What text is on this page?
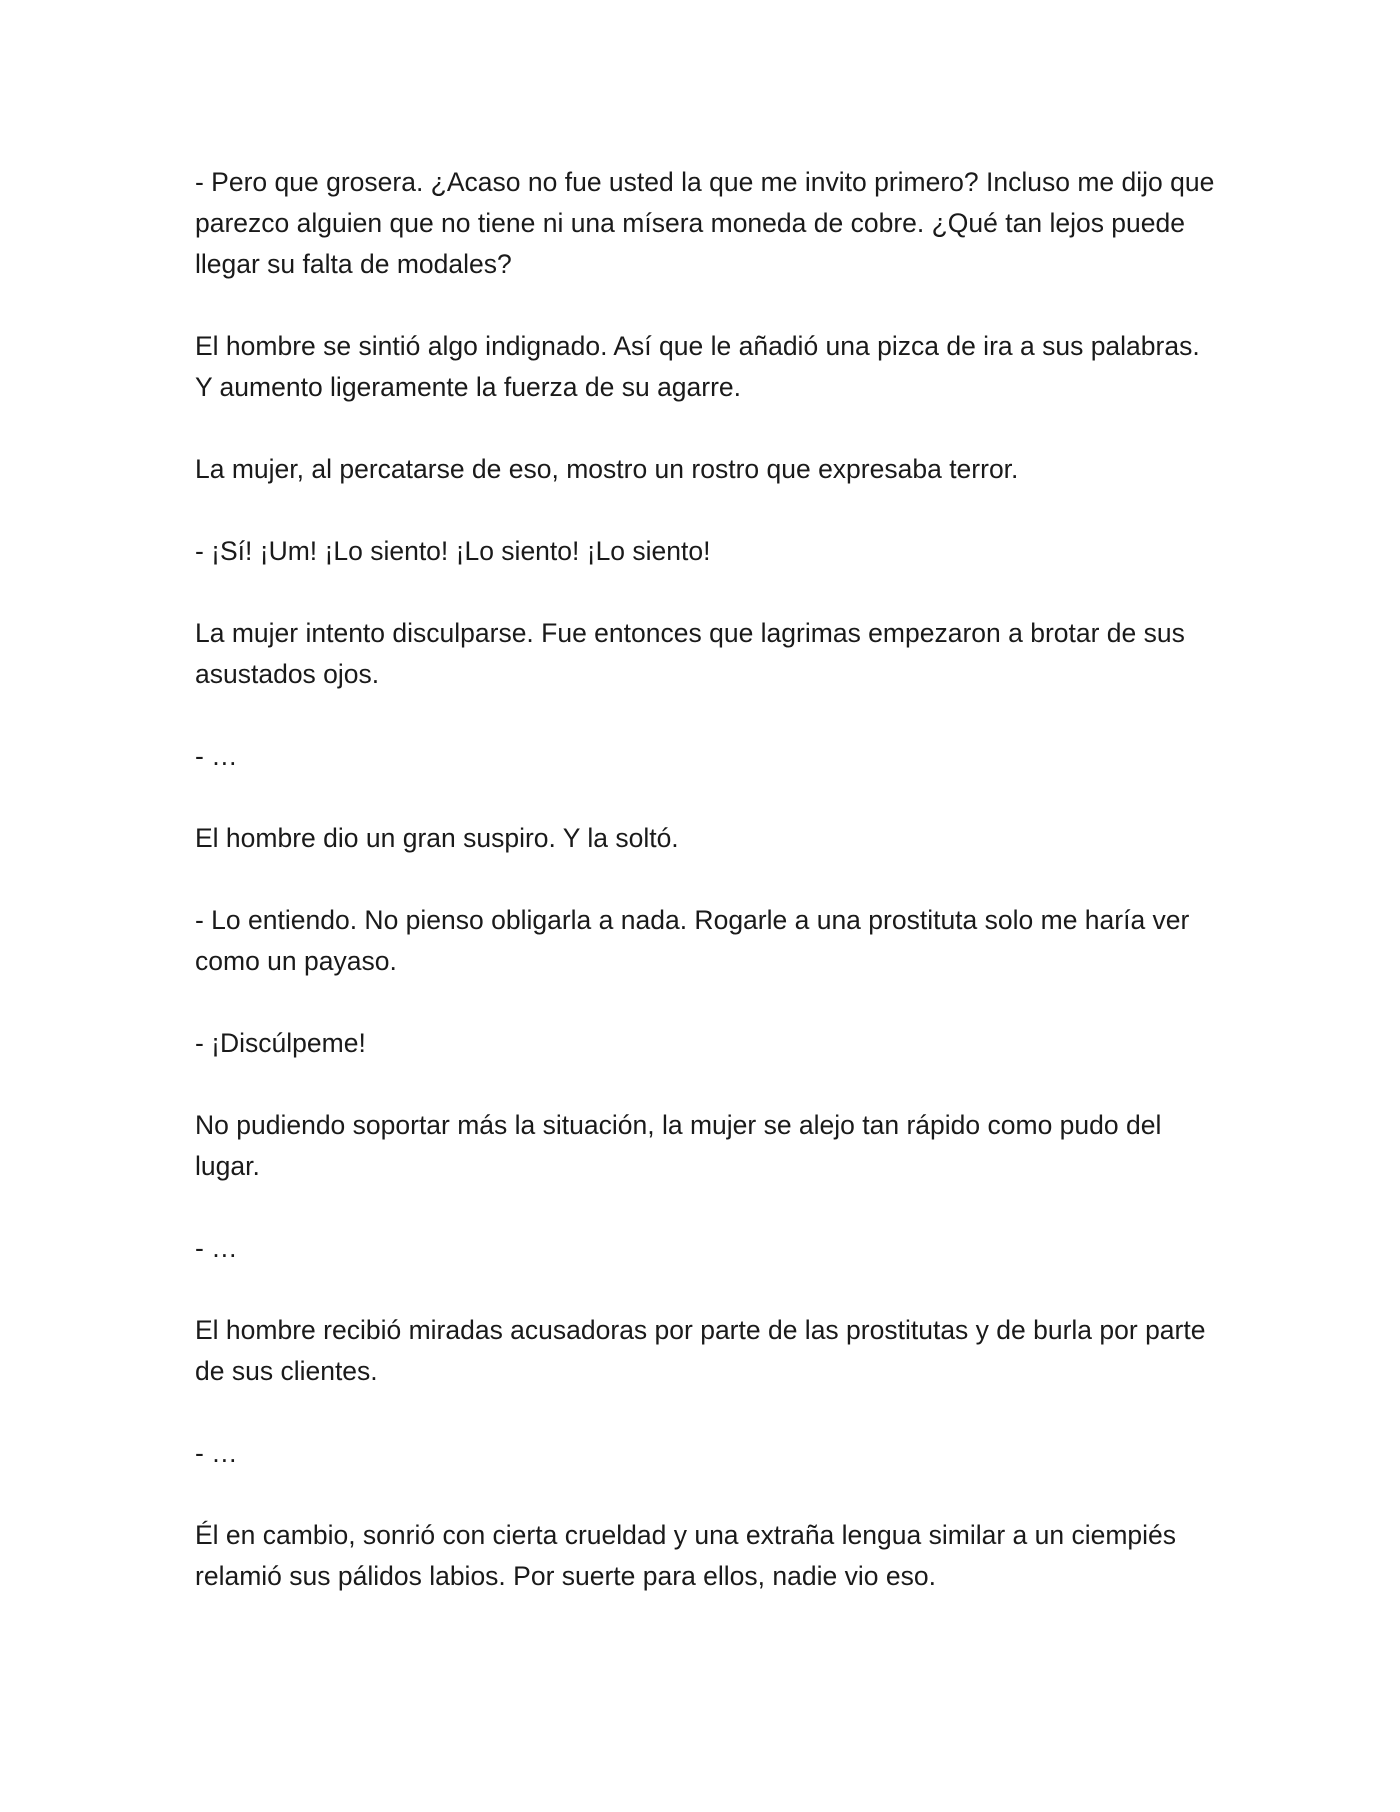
- Pero que grosera. ¿Acaso no fue usted la que me invito primero? Incluso me dijo que parezco alguien que no tiene ni una mísera moneda de cobre. ¿Qué tan lejos puede llegar su falta de modales?

El hombre se sintió algo indignado. Así que le añadió una pizca de ira a sus palabras. Y aumento ligeramente la fuerza de su agarre.

La mujer, al percatarse de eso, mostro un rostro que expresaba terror.

- ¡Sí! ¡Um! ¡Lo siento! ¡Lo siento! ¡Lo siento!

La mujer intento disculparse. Fue entonces que lagrimas empezaron a brotar de sus asustados ojos.

- …

El hombre dio un gran suspiro. Y la soltó.

- Lo entiendo. No pienso obligarla a nada. Rogarle a una prostituta solo me haría ver como un payaso.

- ¡Discúlpeme!

No pudiendo soportar más la situación, la mujer se alejo tan rápido como pudo del lugar.

- …

El hombre recibió miradas acusadoras por parte de las prostitutas y de burla por parte de sus clientes.

- …

Él en cambio, sonrió con cierta crueldad y una extraña lengua similar a un ciempiés relamió sus pálidos labios. Por suerte para ellos, nadie vio eso.
